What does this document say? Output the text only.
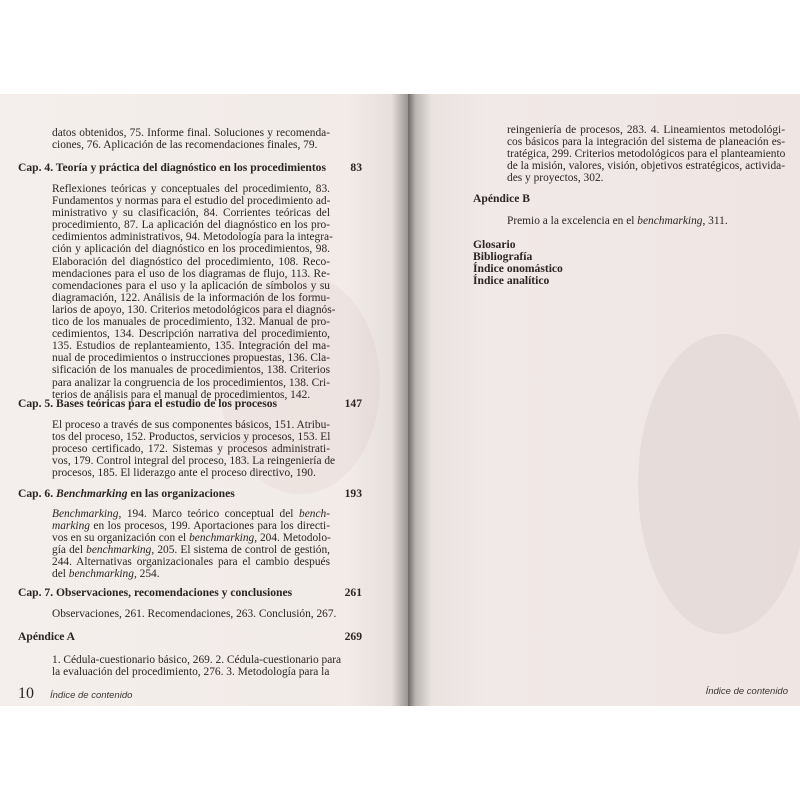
datos obtenidos, 75. Informe final. Soluciones y recomenda-
ciones, 76. Aplicación de las recomendaciones finales, 79.
Cap. 4. Teoría y práctica del diagnóstico en los procedimientos	83
Reflexiones teóricas y conceptuales del procedimiento, 83.
Fundamentos y normas para el estudio del procedimiento ad-
ministrativo y su clasificación, 84. Corrientes teóricas del
procedimiento, 87. La aplicación del diagnóstico en los pro-
cedimientos administrativos, 94. Metodología para la integra-
ción y aplicación del diagnóstico en los procedimientos, 98.
Elaboración del diagnóstico del procedimiento, 108. Reco-
mendaciones para el uso de los diagramas de flujo, 113. Re-
comendaciones para el uso y la aplicación de símbolos y su
diagramación, 122. Análisis de la información de los formu-
larios de apoyo, 130. Criterios metodológicos para el diagnós-
tico de los manuales de procedimiento, 132. Manual de pro-
cedimientos, 134. Descripción narrativa del procedimiento,
135. Estudios de replanteamiento, 135. Integración del ma-
nual de procedimientos o instrucciones propuestas, 136. Cla-
sificación de los manuales de procedimientos, 138. Criterios
para analizar la congruencia de los procedimientos, 138. Cri-
terios de análisis para el manual de procedimientos, 142.
Cap. 5. Bases teóricas para el estudio de los procesos	147
El proceso a través de sus componentes básicos, 151. Atribu-
tos del proceso, 152. Productos, servicios y procesos, 153. El
proceso certificado, 172. Sistemas y procesos administrati-
vos, 179. Control integral del proceso, 183. La reingeniería de
procesos, 185. El liderazgo ante el proceso directivo, 190.
Cap. 6. Benchmarking en las organizaciones	193
Benchmarking, 194. Marco teórico conceptual del bench-
marking en los procesos, 199. Aportaciones para los directi-
vos en su organización con el benchmarking, 204. Metodolo-
gía del benchmarking, 205. El sistema de control de gestión,
244. Alternativas organizacionales para el cambio después
del benchmarking, 254.
Cap. 7. Observaciones, recomendaciones y conclusiones	261
Observaciones, 261. Recomendaciones, 263. Conclusión, 267.
Apéndice A	269
1. Cédula-cuestionario básico, 269. 2. Cédula-cuestionario para
la evaluación del procedimiento, 276. 3. Metodología para la
10 Índice de contenido
reingeniería de procesos, 283. 4. Lineamientos metodológi-
cos básicos para la integración del sistema de planeación es-
tratégica, 299. Criterios metodológicos para el planteamiento
de la misión, valores, visión, objetivos estratégicos, activida-
des y proyectos, 302.
Apéndice B
Premio a la excelencia en el benchmarking, 311.
Glosario
Bibliografía
Índice onomástico
Índice analítico
Índice de contenido
